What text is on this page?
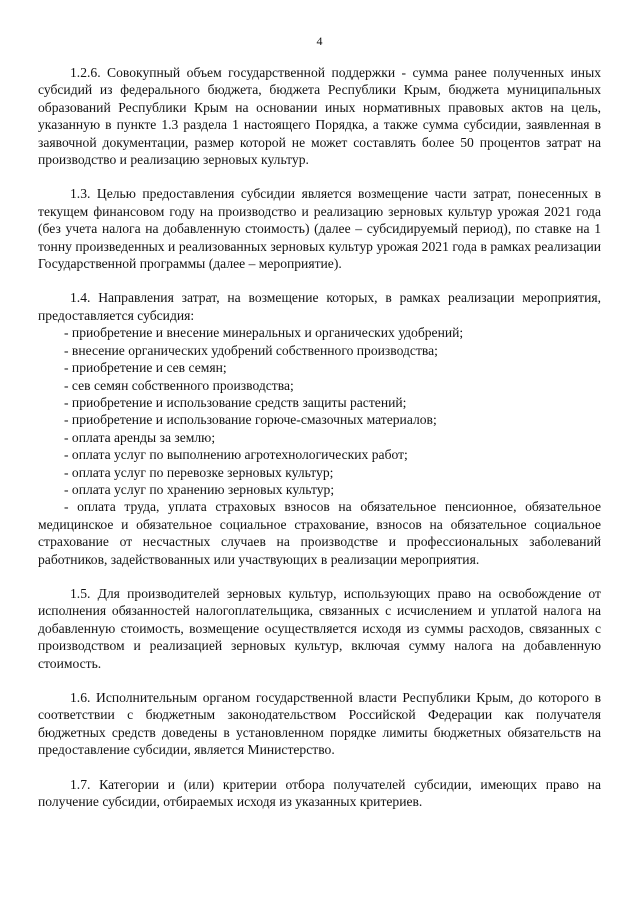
4

1.2.6. Совокупный объем государственной поддержки - сумма ранее полученных иных субсидий из федерального бюджета, бюджета Республики Крым, бюджета муниципальных образований Республики Крым на основании иных нормативных правовых актов на цель, указанную в пункте 1.3 раздела 1 настоящего Порядка, а также сумма субсидии, заявленная в заявочной документации, размер которой не может составлять более 50 процентов затрат на производство и реализацию зерновых культур.

1.3. Целью предоставления субсидии является возмещение части затрат, понесенных в текущем финансовом году на производство и реализацию зерновых культур урожая 2021 года (без учета налога на добавленную стоимость) (далее – субсидируемый период), по ставке на 1 тонну произведенных и реализованных зерновых культур урожая 2021 года в рамках реализации Государственной программы (далее – мероприятие).

1.4. Направления затрат, на возмещение которых, в рамках реализации мероприятия, предоставляется субсидия:

- приобретение и внесение минеральных и органических удобрений;
- внесение органических удобрений собственного производства;
- приобретение и сев семян;
- сев семян собственного производства;
- приобретение и использование средств защиты растений;
- приобретение и использование горюче-смазочных материалов;
- оплата аренды за землю;
- оплата услуг по выполнению агротехнологических работ;
- оплата услуг по перевозке зерновых культур;
- оплата услуг по хранению зерновых культур;
- оплата труда, уплата страховых взносов на обязательное пенсионное, обязательное медицинское и обязательное социальное страхование, взносов на обязательное социальное страхование от несчастных случаев на производстве и профессиональных заболеваний работников, задействованных или участвующих в реализации мероприятия.

1.5. Для производителей зерновых культур, использующих право на освобождение от исполнения обязанностей налогоплательщика, связанных с исчислением и уплатой налога на добавленную стоимость, возмещение осуществляется исходя из суммы расходов, связанных с производством и реализацией зерновых культур, включая сумму налога на добавленную стоимость.

1.6. Исполнительным органом государственной власти Республики Крым, до которого в соответствии с бюджетным законодательством Российской Федерации как получателя бюджетных средств доведены в установленном порядке лимиты бюджетных обязательств на предоставление субсидии, является Министерство.

1.7. Категории и (или) критерии отбора получателей субсидии, имеющих право на получение субсидии, отбираемых исходя из указанных критериев.
